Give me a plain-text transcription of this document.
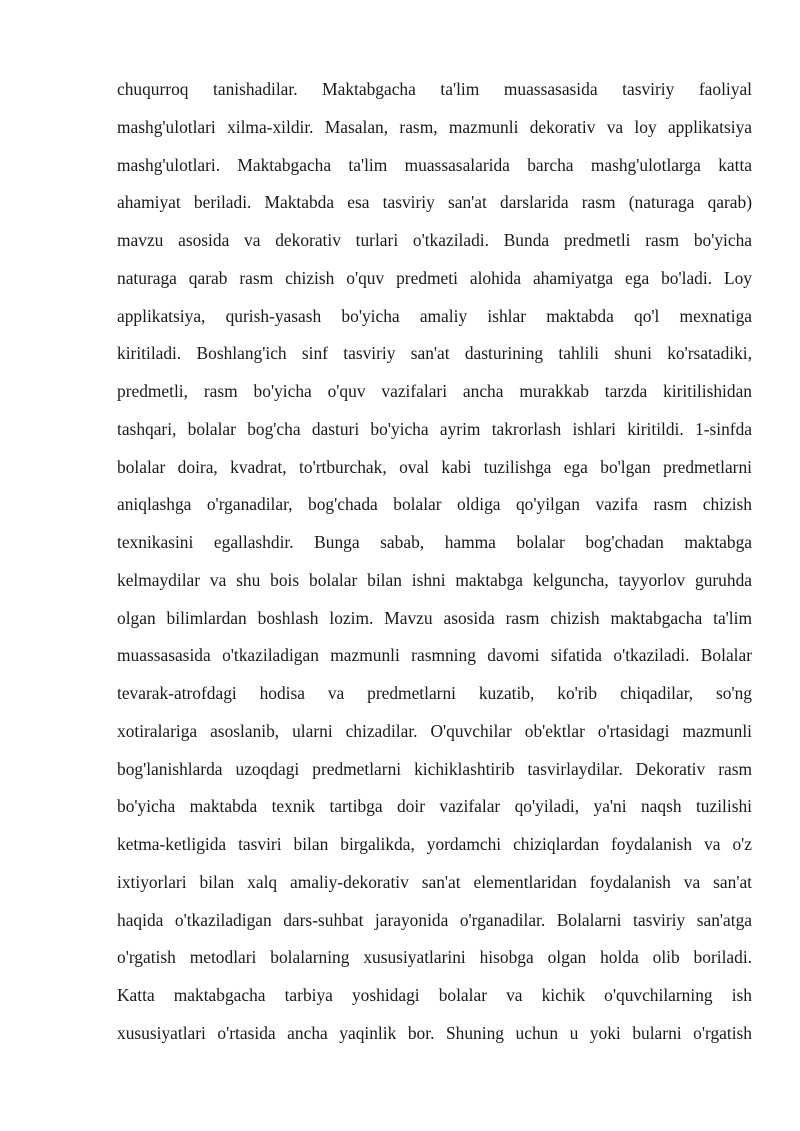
chuqurroq tanishadilar. Maktabgacha ta'lim muassasasida tasviriy faoliyal
mashg'ulotlari xilma-xildir. Masalan, rasm, mazmunli dekorativ va loy applikatsiya
mashg'ulotlari. Maktabgacha ta'lim muassasalarida barcha mashg'ulotlarga katta
ahamiyat beriladi. Maktabda esa tasviriy san'at darslarida rasm (naturaga qarab)
mavzu asosida va dekorativ turlari o'tkaziladi. Bunda predmetli rasm bo'yicha
naturaga qarab rasm chizish o'quv predmeti alohida ahamiyatga ega bo'ladi. Loy
applikatsiya, qurish-yasash bo'yicha amaliy ishlar maktabda qo'l mexnatiga
kiritiladi. Boshlang'ich sinf tasviriy san'at dasturining tahlili shuni ko'rsatadiki,
predmetli, rasm bo'yicha o'quv vazifalari ancha murakkab tarzda kiritilishidan
tashqari, bolalar bog'cha dasturi bo'yicha ayrim takrorlash ishlari kiritildi. 1-sinfda
bolalar doira, kvadrat, to'rtburchak, oval kabi tuzilishga ega bo'lgan predmetlarni
aniqlashga o'rganadilar, bog'chada bolalar oldiga qo'yilgan vazifa rasm chizish
texnikasini egallashdir. Bunga sabab, hamma bolalar bog'chadan maktabga
kelmaydilar va shu bois bolalar bilan ishni maktabga kelguncha, tayyorlov guruhda
olgan bilimlardan boshlash lozim. Mavzu asosida rasm chizish maktabgacha ta'lim
muassasasida o'tkaziladigan mazmunli rasmning davomi sifatida o'tkaziladi. Bolalar
tevarak-atrofdagi hodisa va predmetlarni kuzatib, ko'rib chiqadilar, so'ng
xotiralariga asoslanib, ularni chizadilar. O'quvchilar ob'ektlar o'rtasidagi mazmunli
bog'lanishlarda uzoqdagi predmetlarni kichiklashtirib tasvirlaydilar. Dekorativ rasm
bo'yicha maktabda texnik tartibga doir vazifalar qo'yiladi, ya'ni naqsh tuzilishi
ketma-ketligida tasviri bilan birgalikda, yordamchi chiziqlardan foydalanish va o'z
ixtiyorlari bilan xalq amaliy-dekorativ san'at elementlaridan foydalanish va san'at
haqida o'tkaziladigan dars-suhbat jarayonida o'rganadilar. Bolalarni tasviriy san'atga
o'rgatish metodlari bolalarning xususiyatlarini hisobga olgan holda olib boriladi.
Katta maktabgacha tarbiya yoshidagi bolalar va kichik o'quvchilarning ish
xususiyatlari o'rtasida ancha yaqinlik bor. Shuning uchun u yoki bularni o'rgatish
